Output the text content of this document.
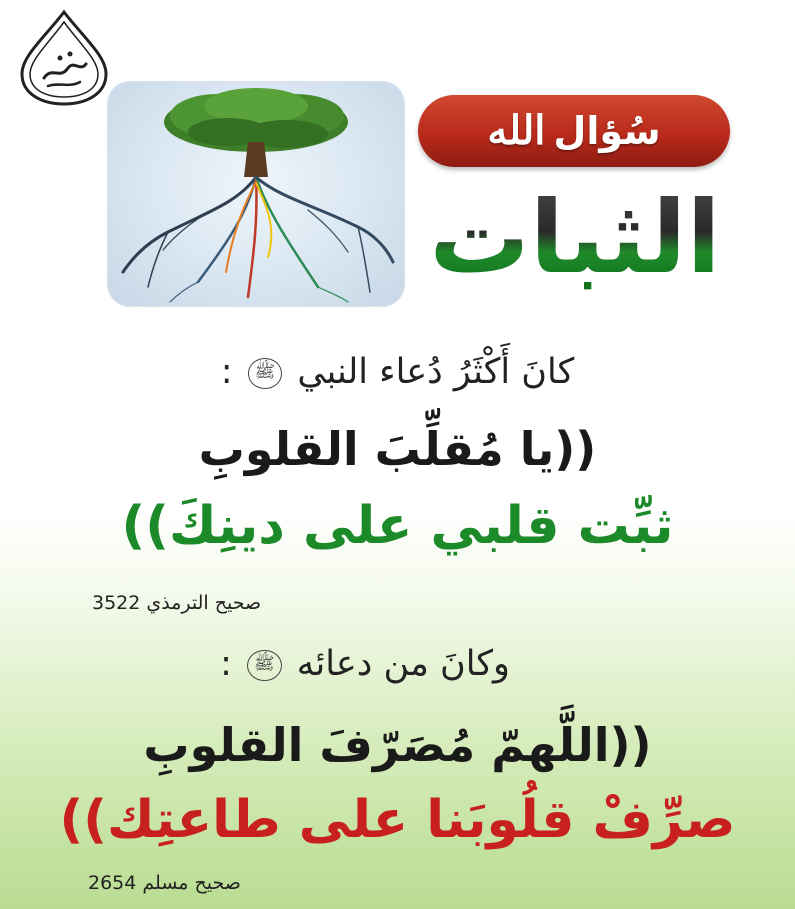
سُؤال
الله
الثبات
كانَ أَكْثَرُ دُعاء النبي ﷺ :
((يا مُقلِّبَ القلوبِ
ثبِّت قلبي على دينِكَ))
صحيح الترمذي 3522
وكانَ من دعائه ﷺ :
((اللَّهمّ مُصَرّفَ القلوبِ
صرِّفْ قلُوبَنا على طاعتِك))
صحيح مسلم 2654
